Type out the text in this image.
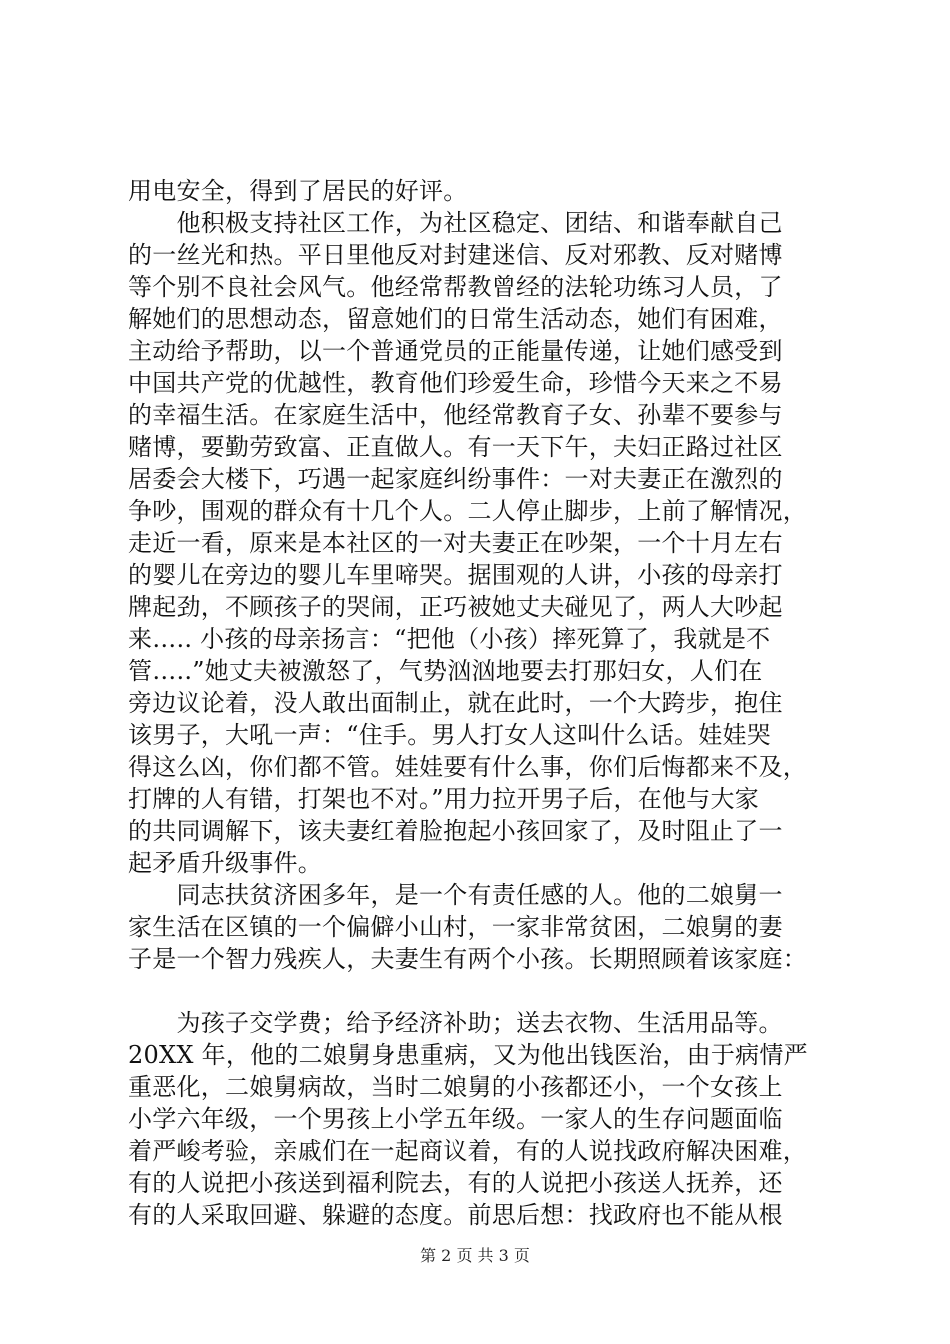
用电安全，得到了居民的好评。
　　他积极支持社区工作，为社区稳定、团结、和谐奉献自己
的一丝光和热。平日里他反对封建迷信、反对邪教、反对赌博
等个别不良社会风气。他经常帮教曾经的法轮功练习人员，了
解她们的思想动态，留意她们的日常生活动态，她们有困难，
主动给予帮助，以一个普通党员的正能量传递，让她们感受到
中国共产党的优越性，教育他们珍爱生命，珍惜今天来之不易
的幸福生活。在家庭生活中，他经常教育子女、孙辈不要参与
赌博，要勤劳致富、正直做人。有一天下午，夫妇正路过社区
居委会大楼下，巧遇一起家庭纠纷事件：一对夫妻正在激烈的
争吵，围观的群众有十几个人。二人停止脚步，上前了解情况，
走近一看，原来是本社区的一对夫妻正在吵架，一个十月左右
的婴儿在旁边的婴儿车里啼哭。据围观的人讲，小孩的母亲打
牌起劲，不顾孩子的哭闹，正巧被她丈夫碰见了，两人大吵起
来….. 小孩的母亲扬言：“把他（小孩）摔死算了，我就是不
管…..”她丈夫被激怒了，气势汹汹地要去打那妇女，人们在
旁边议论着，没人敢出面制止，就在此时，一个大跨步，抱住
该男子，大吼一声：“住手。男人打女人这叫什么话。娃娃哭
得这么凶，你们都不管。娃娃要有什么事，你们后悔都来不及，
打牌的人有错，打架也不对。”用力拉开男子后，在他与大家
的共同调解下，该夫妻红着脸抱起小孩回家了，及时阻止了一
起矛盾升级事件。
　　同志扶贫济困多年，是一个有责任感的人。他的二娘舅一
家生活在区镇的一个偏僻小山村，一家非常贫困，二娘舅的妻
子是一个智力残疾人，夫妻生有两个小孩。长期照顾着该家庭：
　　为孩子交学费；给予经济补助；送去衣物、生活用品等。
20XX 年，他的二娘舅身患重病，又为他出钱医治，由于病情严
重恶化，二娘舅病故，当时二娘舅的小孩都还小，一个女孩上
小学六年级，一个男孩上小学五年级。一家人的生存问题面临
着严峻考验，亲戚们在一起商议着，有的人说找政府解决困难，
有的人说把小孩送到福利院去，有的人说把小孩送人抚养，还
有的人采取回避、躲避的态度。前思后想：找政府也不能从根
第 2 页 共 3 页
